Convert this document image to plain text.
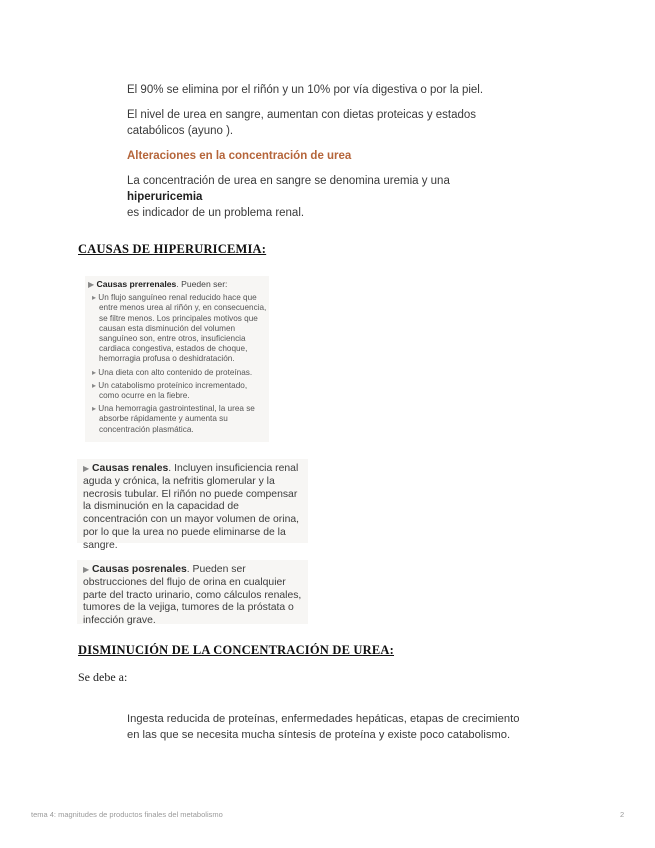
El 90% se elimina por el riñón y un 10% por vía digestiva o por la piel.

El nivel de urea en sangre, aumentan con dietas proteicas y estados catabólicos (ayuno ).

Alteraciones en la concentración de urea

La concentración de urea en sangre se denomina uremia y una hiperuricemia
es indicador de un problema renal.

CAUSAS DE HIPERURICEMIA:

▶ Causas prerrenales. Pueden ser:

▸ Un flujo sanguíneo renal reducido hace que entre menos urea al riñón y, en consecuencia, se filtre menos. Los principales motivos que causan esta disminución del volumen sanguíneo son, entre otros, insuficiencia cardiaca congestiva, estados de choque, hemorragia profusa o deshidratación.

▸ Una dieta con alto contenido de proteínas.

▸ Un catabolismo proteínico incrementado, como ocurre en la fiebre.

▸ Una hemorragia gastrointestinal, la urea se absorbe rápidamente y aumenta su concentración plasmática.

▶ Causas renales. Incluyen insuficiencia renal aguda y crónica, la nefritis glomerular y la necrosis tubular. El riñón no puede compensar la disminución en la capacidad de concentración con un mayor volumen de orina, por lo que la urea no puede eliminarse de la sangre.

▶ Causas posrenales. Pueden ser obstrucciones del flujo de orina en cualquier parte del tracto urinario, como cálculos renales, tumores de la vejiga, tumores de la próstata o infección grave.

DISMINUCIÓN DE LA CONCENTRACIÓN DE UREA:
Se debe a:
Ingesta reducida de proteínas, enfermedades hepáticas, etapas de crecimiento en las que se necesita mucha síntesis de proteína y existe poco catabolismo.
tema 4: magnitudes de productos finales del metabolismo	2
